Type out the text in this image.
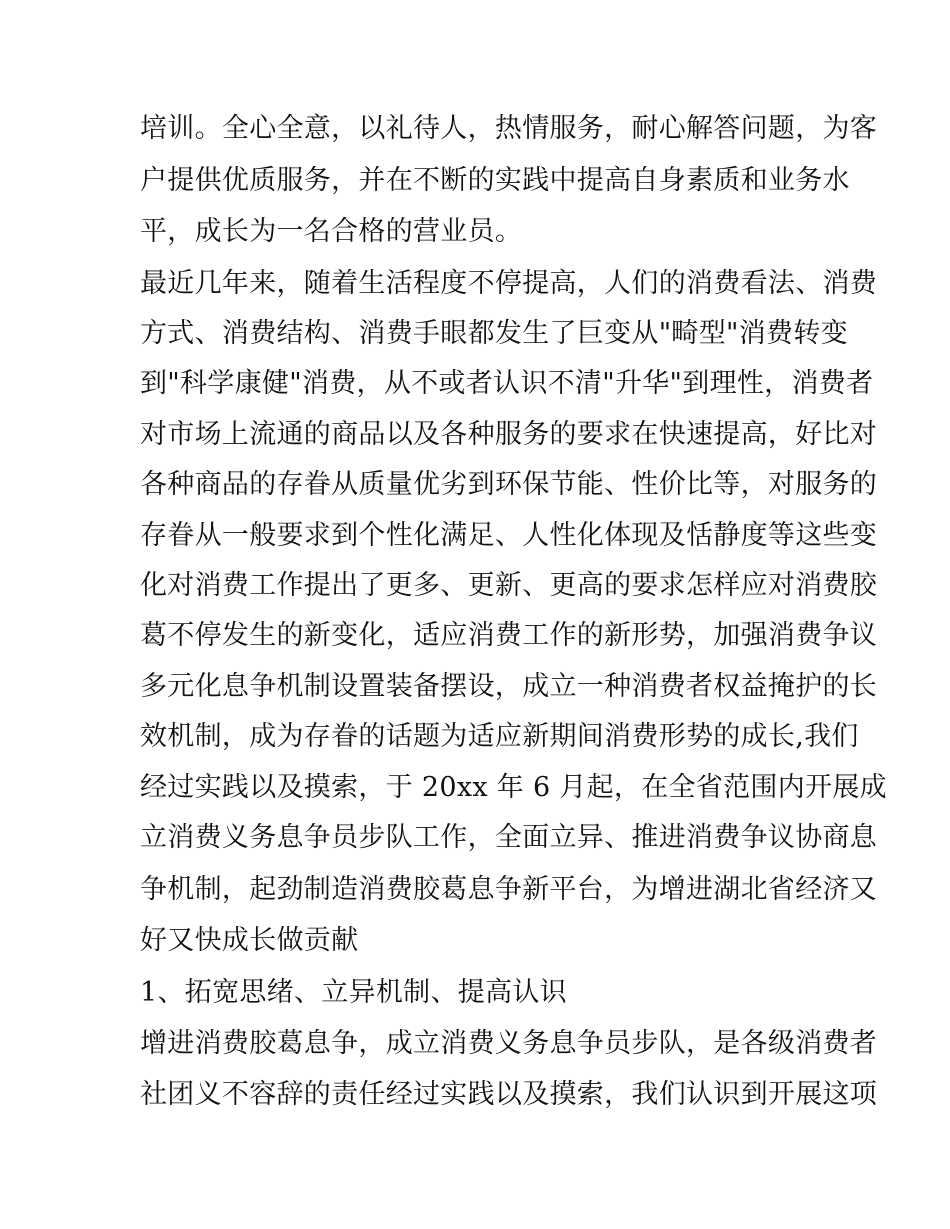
培训。全心全意，以礼待人，热情服务，耐心解答问题，为客
户提供优质服务，并在不断的实践中提高自身素质和业务水
平，成长为一名合格的营业员。
最近几年来，随着生活程度不停提高，人们的消费看法、消费
方式、消费结构、消费手眼都发生了巨变从"畸型"消费转变
到"科学康健"消费，从不或者认识不清"升华"到理性，消费者
对市场上流通的商品以及各种服务的要求在快速提高，好比对
各种商品的存眷从质量优劣到环保节能、性价比等，对服务的
存眷从一般要求到个性化满足、人性化体现及恬静度等这些变
化对消费工作提出了更多、更新、更高的要求怎样应对消费胶
葛不停发生的新变化，适应消费工作的新形势，加强消费争议
多元化息争机制设置装备摆设，成立一种消费者权益掩护的长
效机制，成为存眷的话题为适应新期间消费形势的成长,我们
经过实践以及摸索，于 20xx 年 6 月起，在全省范围内开展成
立消费义务息争员步队工作，全面立异、推进消费争议协商息
争机制，起劲制造消费胶葛息争新平台，为增进湖北省经济又
好又快成长做贡献
1、拓宽思绪、立异机制、提高认识
增进消费胶葛息争，成立消费义务息争员步队，是各级消费者
社团义不容辞的责任经过实践以及摸索，我们认识到开展这项
